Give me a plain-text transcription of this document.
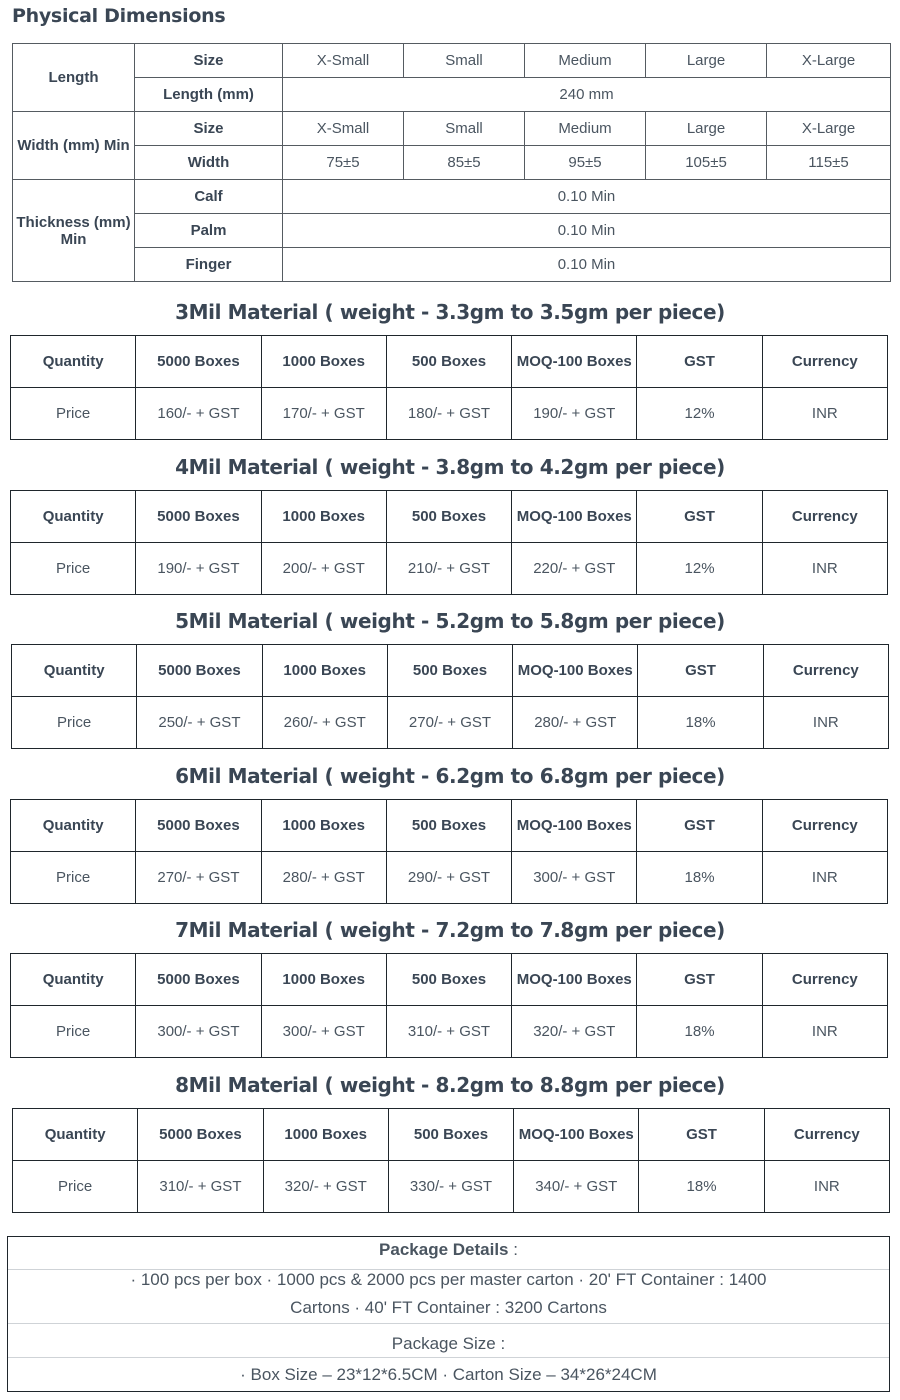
Physical Dimensions
Length	Size	X-Small	Small	Medium	Large	X-Large
	Length (mm)	240 mm				
Width (mm) Min	Size	X-Small	Small	Medium	Large	X-Large
	Width	75±5	85±5	95±5	105±5	115±5
Thickness (mm) Min	Calf	0.10 Min				
	Palm	0.10 Min				
	Finger	0.10 Min				
3Mil Material ( weight - 3.3gm to 3.5gm per piece)
Quantity	5000 Boxes	1000 Boxes	500 Boxes	MOQ-100 Boxes	GST	Currency
Price	160/- + GST	170/- + GST	180/- + GST	190/- + GST	12%	INR
4Mil Material ( weight - 3.8gm to 4.2gm per piece)
Quantity	5000 Boxes	1000 Boxes	500 Boxes	MOQ-100 Boxes	GST	Currency
Price	190/- + GST	200/- + GST	210/- + GST	220/- + GST	12%	INR
5Mil Material ( weight - 5.2gm to 5.8gm per piece)
Quantity	5000 Boxes	1000 Boxes	500 Boxes	MOQ-100 Boxes	GST	Currency
Price	250/- + GST	260/- + GST	270/- + GST	280/- + GST	18%	INR
6Mil Material ( weight - 6.2gm to 6.8gm per piece)
Quantity	5000 Boxes	1000 Boxes	500 Boxes	MOQ-100 Boxes	GST	Currency
Price	270/- + GST	280/- + GST	290/- + GST	300/- + GST	18%	INR
7Mil Material ( weight - 7.2gm to 7.8gm per piece)
Quantity	5000 Boxes	1000 Boxes	500 Boxes	MOQ-100 Boxes	GST	Currency
Price	300/- + GST	300/- + GST	310/- + GST	320/- + GST	18%	INR
8Mil Material ( weight - 8.2gm to 8.8gm per piece)
Quantity	5000 Boxes	1000 Boxes	500 Boxes	MOQ-100 Boxes	GST	Currency
Price	310/- + GST	320/- + GST	330/- + GST	340/- + GST	18%	INR
Package Details :
· 100 pcs per box · 1000 pcs & 2000 pcs per master carton · 20' FT Container : 1400
Cartons · 40' FT Container : 3200 Cartons
Package Size :
· Box Size – 23*12*6.5CM · Carton Size – 34*26*24CM
